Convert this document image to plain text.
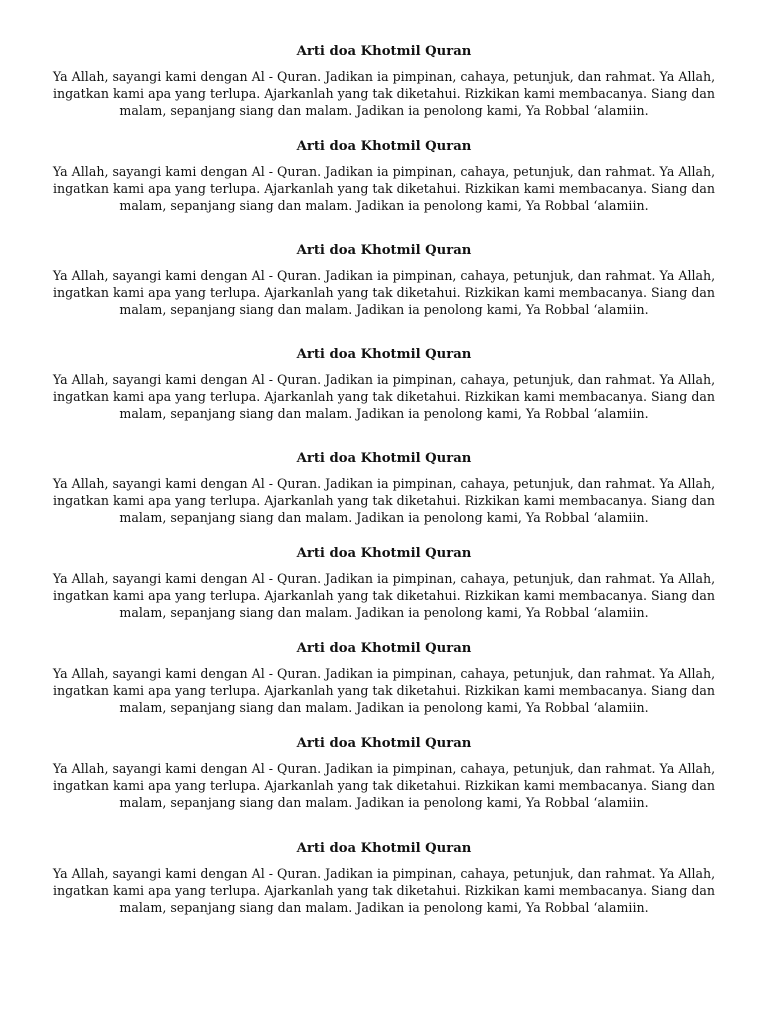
Arti doa Khotmil Quran

Ya Allah, sayangi kami dengan Al - Quran. Jadikan ia pimpinan, cahaya, petunjuk, dan rahmat. Ya Allah, ingatkan kami apa yang terlupa. Ajarkanlah yang tak diketahui. Rizkikan kami membacanya. Siang dan malam, sepanjang siang dan malam. Jadikan ia penolong kami, Ya Robbal ‘alamiin.

Arti doa Khotmil Quran

Ya Allah, sayangi kami dengan Al - Quran. Jadikan ia pimpinan, cahaya, petunjuk, dan rahmat. Ya Allah, ingatkan kami apa yang terlupa. Ajarkanlah yang tak diketahui. Rizkikan kami membacanya. Siang dan malam, sepanjang siang dan malam. Jadikan ia penolong kami, Ya Robbal ‘alamiin.

Arti doa Khotmil Quran

Ya Allah, sayangi kami dengan Al - Quran. Jadikan ia pimpinan, cahaya, petunjuk, dan rahmat. Ya Allah, ingatkan kami apa yang terlupa. Ajarkanlah yang tak diketahui. Rizkikan kami membacanya. Siang dan malam, sepanjang siang dan malam. Jadikan ia penolong kami, Ya Robbal ‘alamiin.

Arti doa Khotmil Quran

Ya Allah, sayangi kami dengan Al - Quran. Jadikan ia pimpinan, cahaya, petunjuk, dan rahmat. Ya Allah, ingatkan kami apa yang terlupa. Ajarkanlah yang tak diketahui. Rizkikan kami membacanya. Siang dan malam, sepanjang siang dan malam. Jadikan ia penolong kami, Ya Robbal ‘alamiin.

Arti doa Khotmil Quran

Ya Allah, sayangi kami dengan Al - Quran. Jadikan ia pimpinan, cahaya, petunjuk, dan rahmat. Ya Allah, ingatkan kami apa yang terlupa. Ajarkanlah yang tak diketahui. Rizkikan kami membacanya. Siang dan malam, sepanjang siang dan malam. Jadikan ia penolong kami, Ya Robbal ‘alamiin.

Arti doa Khotmil Quran

Ya Allah, sayangi kami dengan Al - Quran. Jadikan ia pimpinan, cahaya, petunjuk, dan rahmat. Ya Allah, ingatkan kami apa yang terlupa. Ajarkanlah yang tak diketahui. Rizkikan kami membacanya. Siang dan malam, sepanjang siang dan malam. Jadikan ia penolong kami, Ya Robbal ‘alamiin.

Arti doa Khotmil Quran

Ya Allah, sayangi kami dengan Al - Quran. Jadikan ia pimpinan, cahaya, petunjuk, dan rahmat. Ya Allah, ingatkan kami apa yang terlupa. Ajarkanlah yang tak diketahui. Rizkikan kami membacanya. Siang dan malam, sepanjang siang dan malam. Jadikan ia penolong kami, Ya Robbal ‘alamiin.

Arti doa Khotmil Quran

Ya Allah, sayangi kami dengan Al - Quran. Jadikan ia pimpinan, cahaya, petunjuk, dan rahmat. Ya Allah, ingatkan kami apa yang terlupa. Ajarkanlah yang tak diketahui. Rizkikan kami membacanya. Siang dan malam, sepanjang siang dan malam. Jadikan ia penolong kami, Ya Robbal ‘alamiin.

Arti doa Khotmil Quran

Ya Allah, sayangi kami dengan Al - Quran. Jadikan ia pimpinan, cahaya, petunjuk, dan rahmat. Ya Allah, ingatkan kami apa yang terlupa. Ajarkanlah yang tak diketahui. Rizkikan kami membacanya. Siang dan malam, sepanjang siang dan malam. Jadikan ia penolong kami, Ya Robbal ‘alamiin.
